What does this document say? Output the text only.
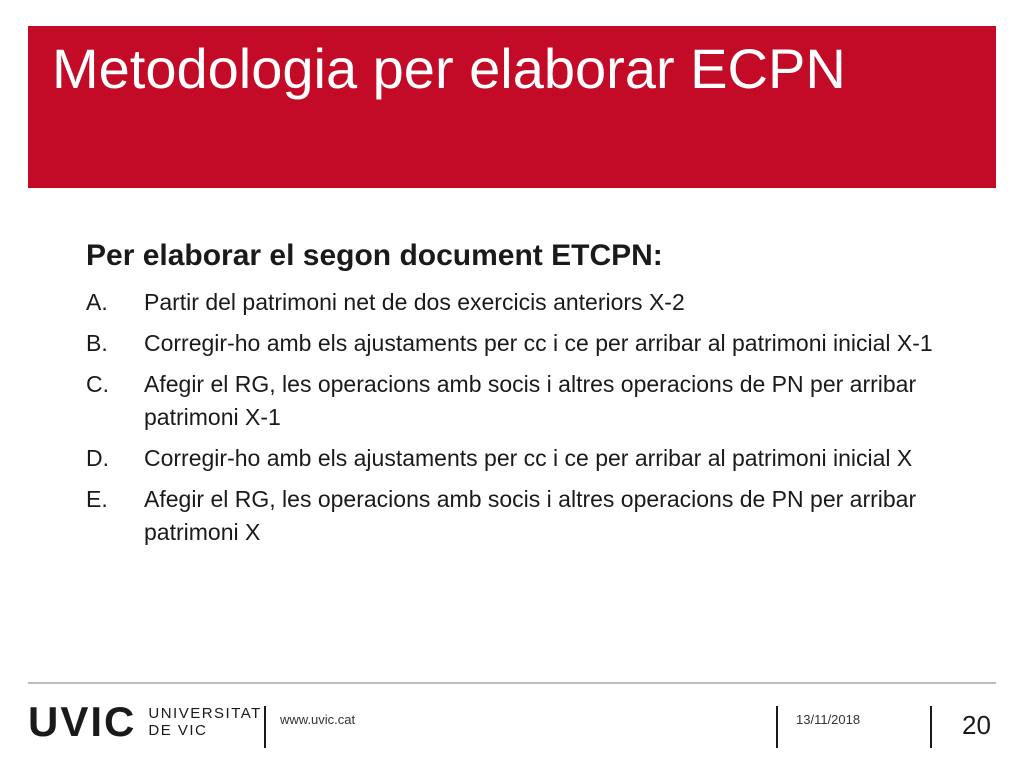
Metodologia per elaborar ECPN
Per elaborar el segon document ETCPN:
A.	Partir del patrimoni net de dos exercicis anteriors X-2
B.	Corregir-ho amb els ajustaments per cc i ce per arribar al patrimoni inicial X-1
C.	Afegir el RG, les operacions amb socis i altres operacions de PN per arribar patrimoni X-1
D.	Corregir-ho amb els ajustaments per cc i ce per arribar al patrimoni inicial X
E.	Afegir el RG, les operacions amb socis i altres operacions de PN per arribar patrimoni X
UVIC UNIVERSITAT
DE VIC
www.uvic.cat	13/11/2018	20
